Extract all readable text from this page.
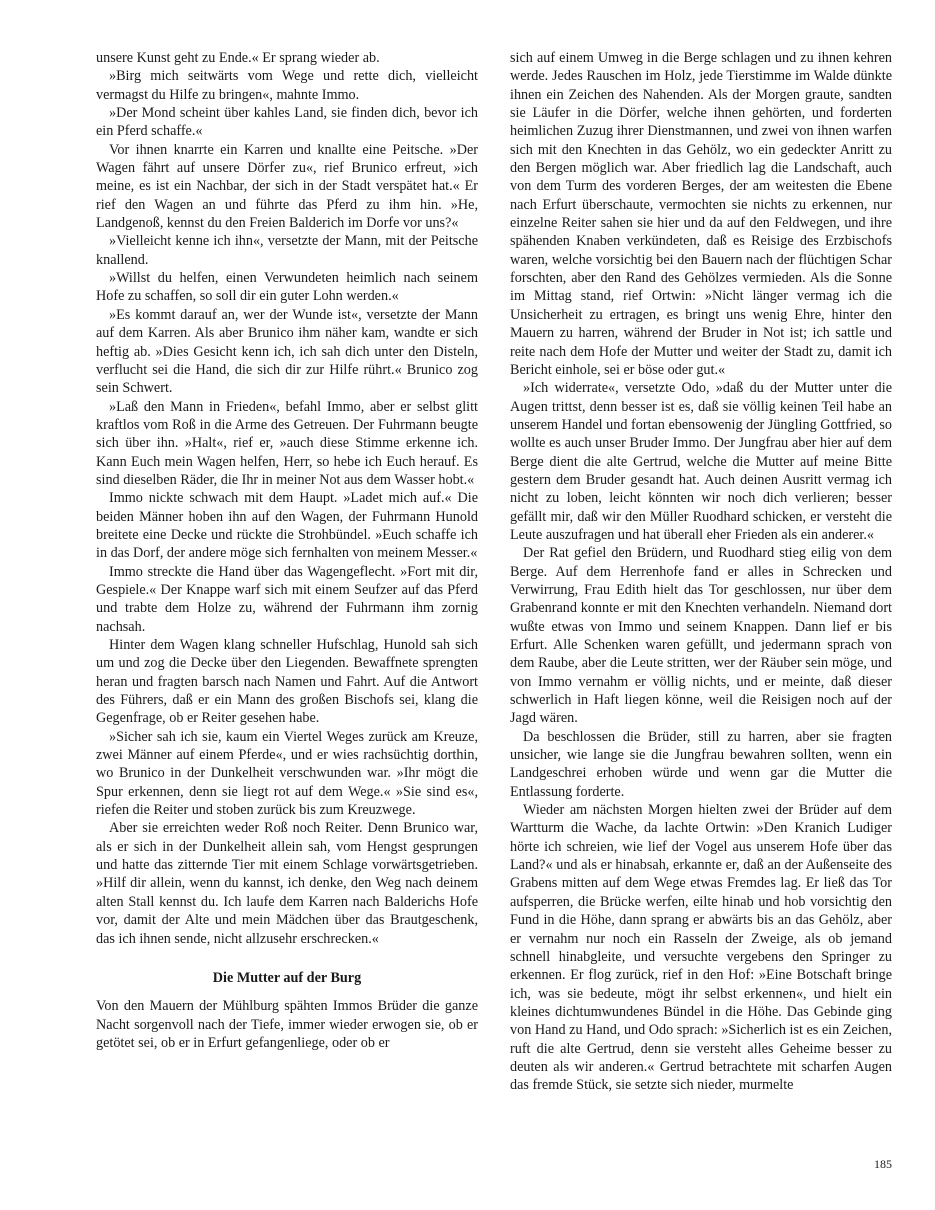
unsere Kunst geht zu Ende.« Er sprang wieder ab.

»Birg mich seitwärts vom Wege und rette dich, vielleicht vermagst du Hilfe zu bringen«, mahnte Immo.

»Der Mond scheint über kahles Land, sie finden dich, bevor ich ein Pferd schaffe.«

Vor ihnen knarrte ein Karren und knallte eine Peitsche. »Der Wagen fährt auf unsere Dörfer zu«, rief Brunico erfreut, »ich meine, es ist ein Nachbar, der sich in der Stadt verspätet hat.« Er rief den Wagen an und führte das Pferd zu ihm hin. »He, Landgenoß, kennst du den Freien Balderich im Dorfe vor uns?«

»Vielleicht kenne ich ihn«, versetzte der Mann, mit der Peitsche knallend.

»Willst du helfen, einen Verwundeten heimlich nach seinem Hofe zu schaffen, so soll dir ein guter Lohn werden.«

»Es kommt darauf an, wer der Wunde ist«, versetzte der Mann auf dem Karren. Als aber Brunico ihm näher kam, wandte er sich heftig ab. »Dies Gesicht kenn ich, ich sah dich unter den Disteln, verflucht sei die Hand, die sich dir zur Hilfe rührt.« Brunico zog sein Schwert.

»Laß den Mann in Frieden«, befahl Immo, aber er selbst glitt kraftlos vom Roß in die Arme des Getreuen. Der Fuhrmann beugte sich über ihn. »Halt«, rief er, »auch diese Stimme erkenne ich. Kann Euch mein Wagen helfen, Herr, so hebe ich Euch herauf. Es sind dieselben Räder, die Ihr in meiner Not aus dem Wasser hobt.«

Immo nickte schwach mit dem Haupt. »Ladet mich auf.« Die beiden Männer hoben ihn auf den Wagen, der Fuhrmann Hunold breitete eine Decke und rückte die Strohbündel. »Euch schaffe ich in das Dorf, der andere möge sich fernhalten von meinem Messer.«

Immo streckte die Hand über das Wagengeflecht. »Fort mit dir, Gespiele.« Der Knappe warf sich mit einem Seufzer auf das Pferd und trabte dem Holze zu, während der Fuhrmann ihm zornig nachsah.

Hinter dem Wagen klang schneller Hufschlag, Hunold sah sich um und zog die Decke über den Liegenden. Bewaffnete sprengten heran und fragten barsch nach Namen und Fahrt. Auf die Antwort des Führers, daß er ein Mann des großen Bischofs sei, klang die Gegenfrage, ob er Reiter gesehen habe.

»Sicher sah ich sie, kaum ein Viertel Weges zurück am Kreuze, zwei Männer auf einem Pferde«, und er wies rachsüchtig dorthin, wo Brunico in der Dunkelheit verschwunden war. »Ihr mögt die Spur erkennen, denn sie liegt rot auf dem Wege.« »Sie sind es«, riefen die Reiter und stoben zurück bis zum Kreuzwege.

Aber sie erreichten weder Roß noch Reiter. Denn Brunico war, als er sich in der Dunkelheit allein sah, vom Hengst gesprungen und hatte das zitternde Tier mit einem Schlage vorwärtsgetrieben. »Hilf dir allein, wenn du kannst, ich denke, den Weg nach deinem alten Stall kennst du. Ich laufe dem Karren nach Balderichs Hofe vor, damit der Alte und mein Mädchen über das Brautgeschenk, das ich ihnen sende, nicht allzusehr erschrecken.«

Die Mutter auf der Burg

Von den Mauern der Mühlburg spähten Immos Brüder die ganze Nacht sorgenvoll nach der Tiefe, immer wieder erwogen sie, ob er getötet sei, ob er in Erfurt gefangenliege, oder ob er

sich auf einem Umweg in die Berge schlagen und zu ihnen kehren werde. Jedes Rauschen im Holz, jede Tierstimme im Walde dünkte ihnen ein Zeichen des Nahenden. Als der Morgen graute, sandten sie Läufer in die Dörfer, welche ihnen gehörten, und forderten heimlichen Zuzug ihrer Dienstmannen, und zwei von ihnen warfen sich mit den Knechten in das Gehölz, wo ein gedeckter Anritt zu den Bergen möglich war. Aber friedlich lag die Landschaft, auch von dem Turm des vorderen Berges, der am weitesten die Ebene nach Erfurt überschaute, vermochten sie nichts zu erkennen, nur einzelne Reiter sahen sie hier und da auf den Feldwegen, und ihre spähenden Knaben verkündeten, daß es Reisige des Erzbischofs waren, welche vorsichtig bei den Bauern nach der flüchtigen Schar forschten, aber den Rand des Gehölzes vermieden. Als die Sonne im Mittag stand, rief Ortwin: »Nicht länger vermag ich die Unsicherheit zu ertragen, es bringt uns wenig Ehre, hinter den Mauern zu harren, während der Bruder in Not ist; ich sattle und reite nach dem Hofe der Mutter und weiter der Stadt zu, damit ich Bericht einhole, sei er böse oder gut.«

»Ich widerrate«, versetzte Odo, »daß du der Mutter unter die Augen trittst, denn besser ist es, daß sie völlig keinen Teil habe an unserem Handel und fortan ebensowenig der Jüngling Gottfried, so wollte es auch unser Bruder Immo. Der Jungfrau aber hier auf dem Berge dient die alte Gertrud, welche die Mutter auf meine Bitte gestern dem Bruder gesandt hat. Auch deinen Ausritt vermag ich nicht zu loben, leicht könnten wir noch dich verlieren; besser gefällt mir, daß wir den Müller Ruodhard schicken, er versteht die Leute auszufragen und hat überall eher Frieden als ein anderer.«

Der Rat gefiel den Brüdern, und Ruodhard stieg eilig von dem Berge. Auf dem Herrenhofe fand er alles in Schrecken und Verwirrung, Frau Edith hielt das Tor geschlossen, nur über dem Grabenrand konnte er mit den Knechten verhandeln. Niemand dort wußte etwas von Immo und seinem Knappen. Dann lief er bis Erfurt. Alle Schenken waren gefüllt, und jedermann sprach von dem Raube, aber die Leute stritten, wer der Räuber sein möge, und von Immo vernahm er völlig nichts, und er meinte, daß dieser schwerlich in Haft liegen könne, weil die Reisigen noch auf der Jagd wären.

Da beschlossen die Brüder, still zu harren, aber sie fragten unsicher, wie lange sie die Jungfrau bewahren sollten, wenn ein Landgeschrei erhoben würde und wenn gar die Mutter die Entlassung forderte.

Wieder am nächsten Morgen hielten zwei der Brüder auf dem Wartturm die Wache, da lachte Ortwin: »Den Kranich Ludiger hörte ich schreien, wie lief der Vogel aus unserem Hofe über das Land?« und als er hinabsah, erkannte er, daß an der Außenseite des Grabens mitten auf dem Wege etwas Fremdes lag. Er ließ das Tor aufsperren, die Brücke werfen, eilte hinab und hob vorsichtig den Fund in die Höhe, dann sprang er abwärts bis an das Gehölz, aber er vernahm nur noch ein Rasseln der Zweige, als ob jemand schnell hinabgleite, und versuchte vergebens den Springer zu erkennen. Er flog zurück, rief in den Hof: »Eine Botschaft bringe ich, was sie bedeute, mögt ihr selbst erkennen«, und hielt ein kleines dichtumwundenes Bündel in die Höhe. Das Gebinde ging von Hand zu Hand, und Odo sprach: »Sicherlich ist es ein Zeichen, ruft die alte Gertrud, denn sie versteht alles Geheime besser zu deuten als wir anderen.« Gertrud betrachtete mit scharfen Augen das fremde Stück, sie setzte sich nieder, murmelte

185
